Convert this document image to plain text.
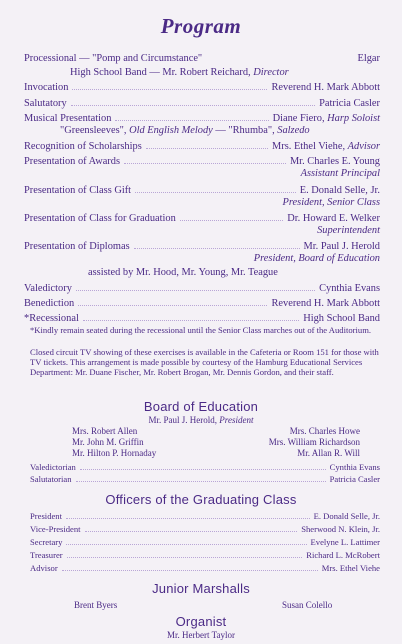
Program
Processional — "Pomp and Circumstance"	Elgar
High School Band — Mr. Robert Reichard, Director
Invocation	Reverend H. Mark Abbott
Salutatory	Patricia Casler
Musical Presentation	Diane Fiero, Harp Soloist
"Greensleeves", Old English Melody — "Rhumba", Salzedo
Recognition of Scholarships	Mrs. Ethel Viehe, Advisor
Presentation of Awards	Mr. Charles E. Young
Assistant Principal
Presentation of Class Gift	E. Donald Selle, Jr.
President, Senior Class
Presentation of Class for Graduation	Dr. Howard E. Welker
Superintendent
Presentation of Diplomas	Mr. Paul J. Herold
President, Board of Education
assisted by Mr. Hood, Mr. Young, Mr. Teague
Valedictory	Cynthia Evans
Benediction	Reverend H. Mark Abbott
*Recessional	High School Band
*Kindly remain seated during the recessional until the Senior Class marches out of the Auditorium.
Closed circuit TV showing of these exercises is available in the Cafeteria or Room 151 for those with TV tickets. This arrangement is made possible by courtesy of the Hamburg Educational Services Department: Mr. Duane Fischer, Mr. Robert Brogan, Mr. Dennis Gordon, and their staff.
Board of Education
Mr. Paul J. Herold, President
Mrs. Robert Allen
Mr. John M. Griffin
Mr. Hilton P. Hornaday
Mrs. Charles Howe
Mrs. William Richardson
Mr. Allan R. Will
Valedictorian	Cynthia Evans
Salutatorian	Patricia Casler
Officers of the Graduating Class
President	E. Donald Selle, Jr.
Vice-President	Sherwood N. Klein, Jr.
Secretary	Evelyne L. Lattimer
Treasurer	Richard L. McRobert
Advisor	Mrs. Ethel Viehe
Junior Marshalls
Brent Byers	Susan Colello
Organist
Mr. Herbert Taylor
